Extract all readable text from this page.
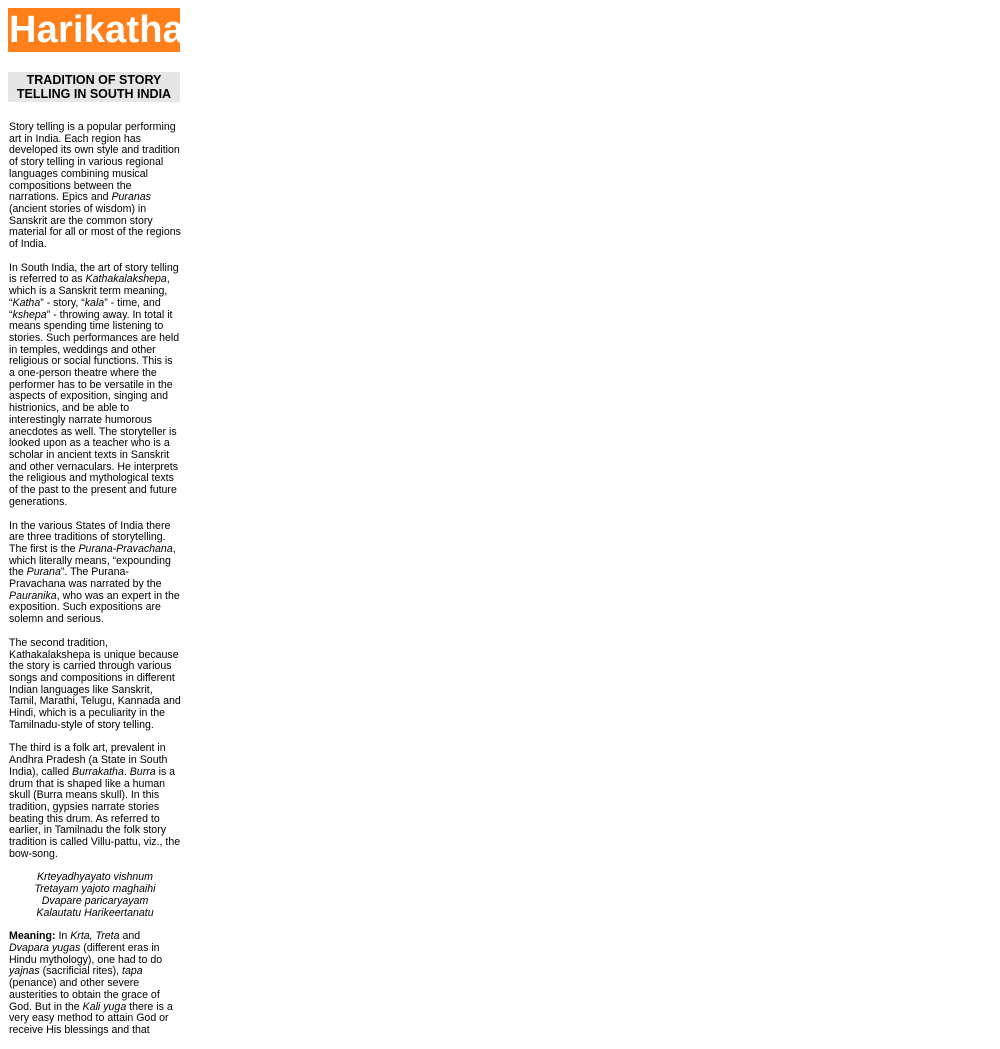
Harikatha
TRADITION OF STORY TELLING IN SOUTH INDIA

Story telling is a popular performing art in India. Each region has developed its own style and tradition of story telling in various regional languages combining musical compositions between the narrations. Epics and Puranas (ancient stories of wisdom) in Sanskrit are the common story material for all or most of the regions of India.

In South India, the art of story telling is referred to as Kathakalakshepa, which is a Sanskrit term meaning, “Katha” - story, “kala” - time, and “kshepa” - throwing away. In total it means spending time listening to stories. Such performances are held in temples, weddings and other religious or social functions. This is a one-person theatre where the performer has to be versatile in the aspects of exposition, singing and histrionics, and be able to interestingly narrate humorous anecdotes as well. The storyteller is looked upon as a teacher who is a scholar in ancient texts in Sanskrit and other vernaculars. He interprets the religious and mythological texts of the past to the present and future generations.

In the various States of India there are three traditions of storytelling. The first is the Purana-Pravachana, which literally means, “expounding the Purana”. The Purana-Pravachana was narrated by the Pauranika, who was an expert in the exposition. Such expositions are solemn and serious.

The second tradition, Kathakalakshepa is unique because the story is carried through various songs and compositions in different Indian languages like Sanskrit, Tamil, Marathi, Telugu, Kannada and Hindi, which is a peculiarity in the Tamilnadu-style of story telling.

The third is a folk art, prevalent in Andhra Pradesh (a State in South India), called Burrakatha. Burra is a drum that is shaped like a human skull (Burra means skull). In this tradition, gypsies narrate stories beating this drum. As referred to earlier, in Tamilnadu the folk story tradition is called Villu-pattu, viz., the bow-song.

Krteyadhyayato vishnum
Tretayam yajoto maghaihi
Dvapare paricaryayam
Kalautatu Harikeertanatu

Meaning: In Krta, Treta and Dvapara yugas (different eras in Hindu mythology), one had to do yajnas (sacrificial rites), tapa (penance) and other severe austerities to obtain the grace of God. But in the Kali yuga there is a very easy method to attain God or receive His blessings and that
